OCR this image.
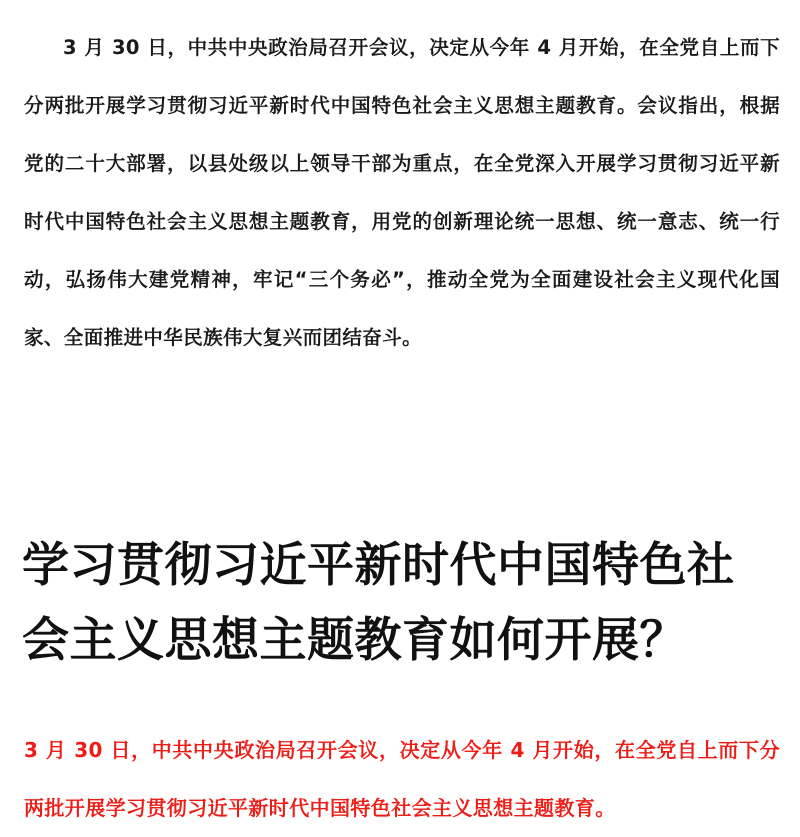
3 月 30 日，中共中央政治局召开会议，决定从今年 4 月开始，在全党自上而下分两批开展学习贯彻习近平新时代中国特色社会主义思想主题教育。会议指出，根据党的二十大部署，以县处级以上领导干部为重点，在全党深入开展学习贯彻习近平新时代中国特色社会主义思想主题教育，用党的创新理论统一思想、统一意志、统一行动，弘扬伟大建党精神，牢记“三个务必”，推动全党为全面建设社会主义现代化国家、全面推进中华民族伟大复兴而团结奋斗。

学习贯彻习近平新时代中国特色社会主义思想主题教育如何开展？

3 月 30 日，中共中央政治局召开会议，决定从今年 4 月开始，在全党自上而下分两批开展学习贯彻习近平新时代中国特色社会主义思想主题教育。
